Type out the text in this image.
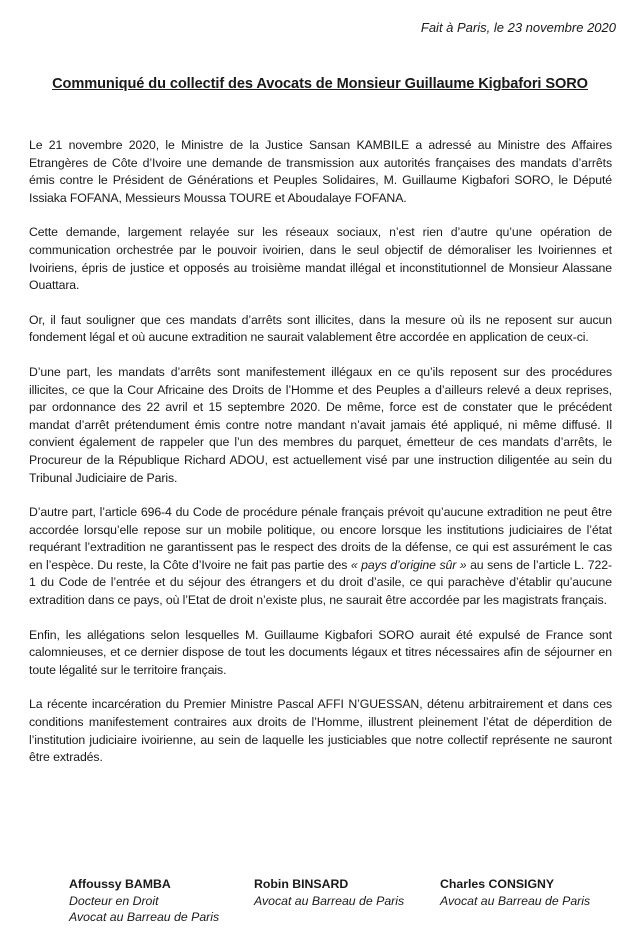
Fait à Paris, le 23 novembre 2020
Communiqué du collectif des Avocats de Monsieur Guillaume Kigbafori SORO

Le 21 novembre 2020, le Ministre de la Justice Sansan KAMBILE a adressé au Ministre des Affaires Etrangères de Côte d’Ivoire une demande de transmission aux autorités françaises des mandats d’arrêts émis contre le Président de Générations et Peuples Solidaires, M. Guillaume Kigbafori SORO, le Député Issiaka FOFANA, Messieurs Moussa TOURE et Aboudalaye FOFANA.

Cette demande, largement relayée sur les réseaux sociaux, n’est rien d’autre qu’une opération de communication orchestrée par le pouvoir ivoirien, dans le seul objectif de démoraliser les Ivoiriennes et Ivoiriens, épris de justice et opposés au troisième mandat illégal et inconstitutionnel de Monsieur Alassane Ouattara.

Or, il faut souligner que ces mandats d’arrêts sont illicites, dans la mesure où ils ne reposent sur aucun fondement légal et où aucune extradition ne saurait valablement être accordée en application de ceux-ci.

D’une part, les mandats d’arrêts sont manifestement illégaux en ce qu’ils reposent sur des procédures illicites, ce que la Cour Africaine des Droits de l’Homme et des Peuples a d’ailleurs relevé a deux reprises, par ordonnance des 22 avril et 15 septembre 2020. De même, force est de constater que le précédent mandat d’arrêt prétendument émis contre notre mandant n’avait jamais été appliqué, ni même diffusé. Il convient également de rappeler que l’un des membres du parquet, émetteur de ces mandats d’arrêts, le Procureur de la République Richard ADOU, est actuellement visé par une instruction diligentée au sein du Tribunal Judiciaire de Paris.

D’autre part, l’article 696-4 du Code de procédure pénale français prévoit qu’aucune extradition ne peut être accordée lorsqu’elle repose sur un mobile politique, ou encore lorsque les institutions judiciaires de l’état requérant l’extradition ne garantissent pas le respect des droits de la défense, ce qui est assurément le cas en l’espèce. Du reste, la Côte d’Ivoire ne fait pas partie des « pays d’origine sûr » au sens de l’article L. 722-1 du Code de l’entrée et du séjour des étrangers et du droit d’asile, ce qui parachève d’établir qu’aucune extradition dans ce pays, où l’Etat de droit n’existe plus, ne saurait être accordée par les magistrats français.

Enfin, les allégations selon lesquelles M. Guillaume Kigbafori SORO aurait été expulsé de France sont calomnieuses, et ce dernier dispose de tout les documents légaux et titres nécessaires afin de séjourner en toute légalité sur le territoire français.

La récente incarcération du Premier Ministre Pascal AFFI N’GUESSAN, détenu arbitrairement et dans ces conditions manifestement contraires aux droits de l’Homme, illustrent pleinement l’état de déperdition de l’institution judiciaire ivoirienne, au sein de laquelle les justiciables que notre collectif représente ne sauront être extradés.

Affoussy BAMBA
Docteur en Droit
Avocat au Barreau de Paris
Robin BINSARD
Avocat au Barreau de Paris
Charles CONSIGNY
Avocat au Barreau de Paris
